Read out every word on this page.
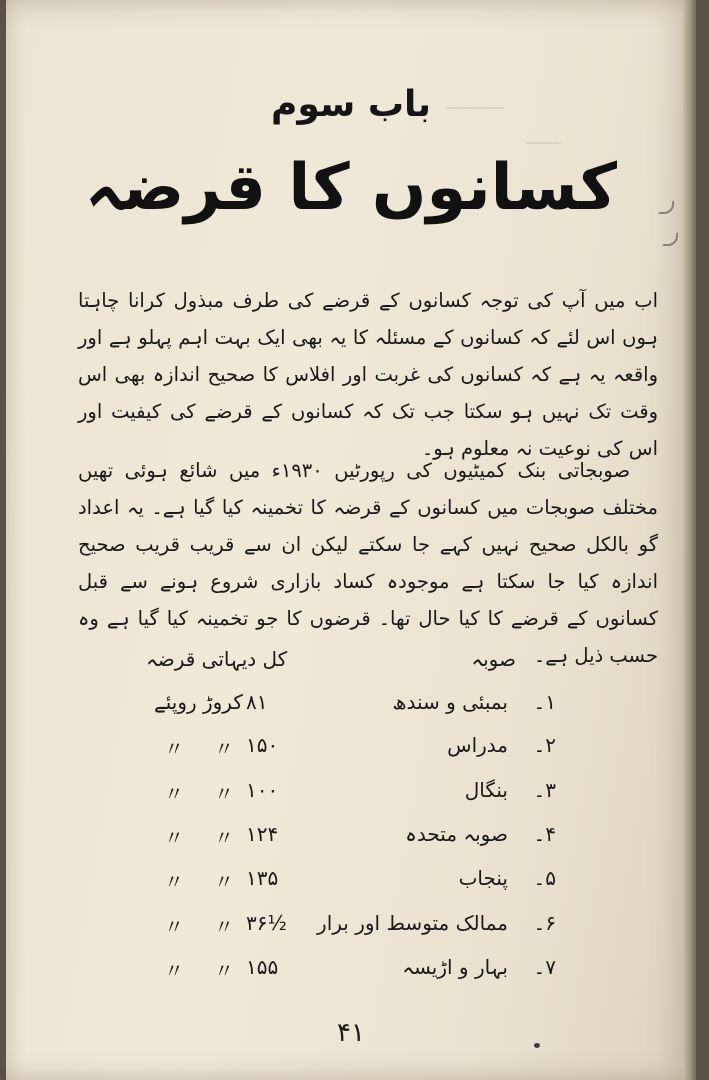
ــــــــــ
ــــــ
باب سوم
کسانوں کا قرضہ

اب میں آپ کی توجہ کسانوں کے قرضے کی طرف مبذول کرانا چاہتا ہوں اس لئے کہ کسانوں کے مسئلہ کا یہ بھی ایک بہت اہم پہلو ہے اور واقعہ یہ ہے کہ کسانوں کی غربت اور افلاس کا صحیح اندازہ بھی اس وقت تک نہیں ہو سکتا جب تک کہ کسانوں کے قرضے کی کیفیت اور اس کی نوعیت نہ معلوم ہو۔

صوبجاتی بنک کمیٹیوں کی رپورٹیں ۱۹۳۰ء میں شائع ہوئی تھیں مختلف صوبجات میں کسانوں کے قرضہ کا تخمینہ کیا گیا ہے۔ یہ اعداد گو بالکل صحیح نہیں کہے جا سکتے لیکن ان سے قریب قریب صحیح اندازہ کیا جا سکتا ہے موجودہ کساد بازاری شروع ہونے سے قبل کسانوں کے قرضے کا کیا حال تھا۔ قرضوں کا جو تخمینہ کیا گیا ہے وہ حسب ذیل ہے۔

صوبہ
کل دیہاتی قرضہ
۱۔
بمبئی و سندھ
۸۱
کروڑ روپئے
۲۔
مدراس
۱۵۰
〃
〃
۳۔
بنگال
۱۰۰
〃
〃
۴۔
صوبہ متحدہ
۱۲۴
〃
〃
۵۔
پنجاب
۱۳۵
〃
〃
۶۔
ممالک متوسط اور برار
۳۶½
〃
〃
۷۔
بہار و اڑیسہ
۱۵۵
〃
〃
۴۱
